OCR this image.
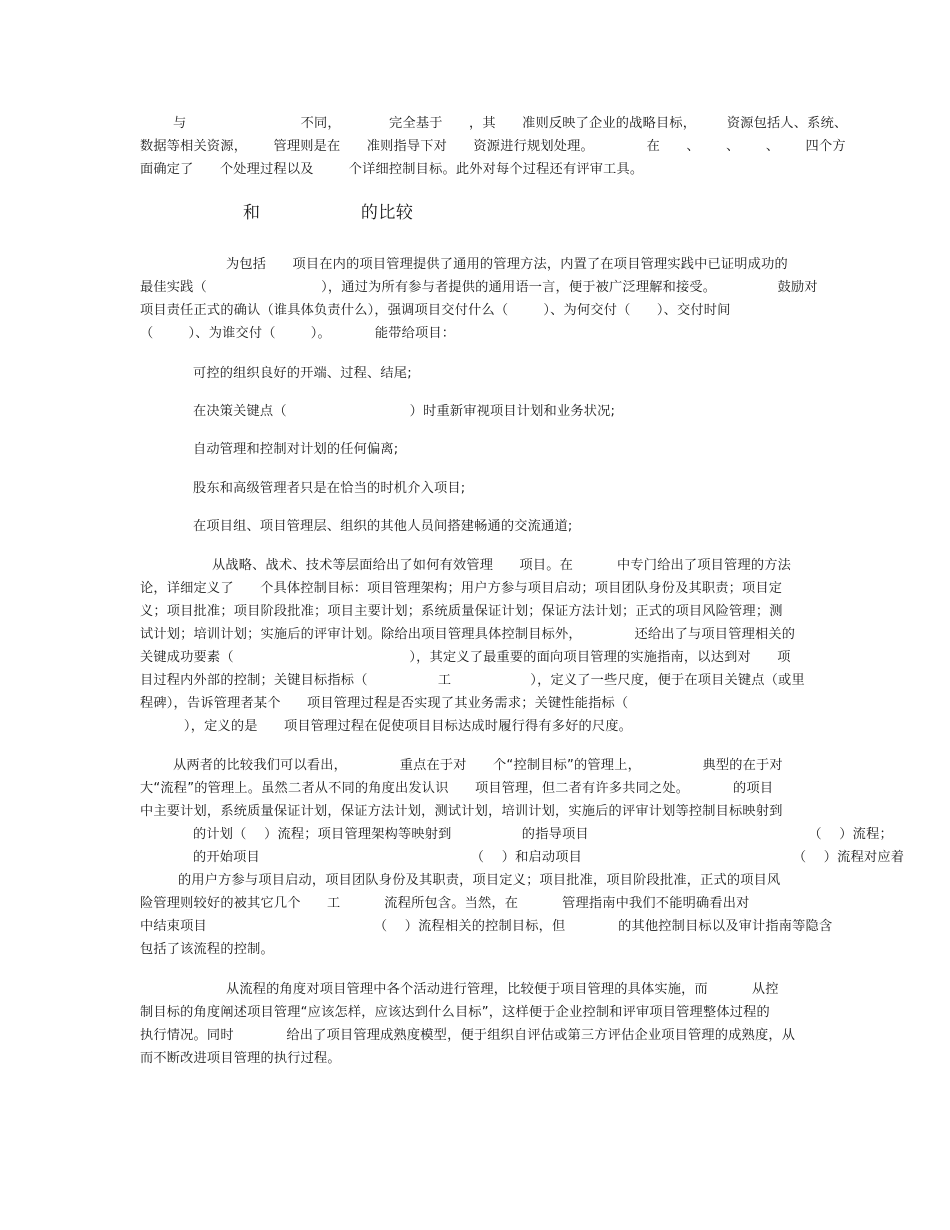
与                          不同，           完全基于      ，其      准则反映了企业的战略目标，       资源包括人、系统、
数据等相关资源，      管理则是在      准则指导下对      资源进行规划处理。            在      、      、      、      四个方
面确定了      个处理过程以及        个详细控制目标。此外对每个过程还有评审工具。
和                 的比较
为包括      项目在内的项目管理提供了通用的管理方法，内置了在项目管理实践中已证明成功的
最佳实践（                          ），通过为所有参与者提供的通用语一言，便于被广泛理解和接受。              鼓励对
项目责任正式的确认（谁具体负责什么），强调项目交付什么（        ）、为何交付（      ）、交付时间
（        ）、为谁交付（        ）。          能带给项目：
可控的组织良好的开端、过程、结尾;
在决策关键点（                            ）时重新审视项目计划和业务状况;
自动管理和控制对计划的任何偏离;
股东和高级管理者只是在恰当的时机介入项目;
在项目组、项目管理层、组织的其他人员间搭建畅通的交流通道;
从战略、战术、技术等层面给出了如何有效管理      项目。在          中专门给出了项目管理的方法
论，详细定义了      个具体控制目标：项目管理架构；用户方参与项目启动；项目团队身份及其职责；项目定
义；项目批准；项目阶段批准；项目主要计划；系统质量保证计划；保证方法计划；正式的项目风险管理；测
试计划；培训计划；实施后的评审计划。除给出项目管理具体控制目标外，            还给出了与项目管理相关的
关键成功要素（                                        ），其定义了最重要的面向项目管理的实施指南，以达到对      项
目过程内外部的控制；关键目标指标（                工                  ），定义了一些尺度，便于在项目关键点（或里
程碑），告诉管理者某个      项目管理过程是否实现了其业务需求；关键性能指标（
），定义的是      项目管理过程在促使项目目标达成时履行得有多好的尺度。
从两者的比较我们可以看出，            重点在于对      个“控制目标”的管理上，              典型的在于对
大“流程”的管理上。虽然二者从不同的角度出发认识      项目管理，但二者有许多共同之处。          的项目
中主要计划，系统质量保证计划，保证方法计划，测试计划，培训计划，实施后的评审计划等控制目标映射到
的计划（    ）流程；项目管理架构等映射到                的指导项目                                                  （    ）流程；
的开始项目                                                （    ）和启动项目                                                （    ）流程对应着
的用户方参与项目启动，项目团队身份及其职责，项目定义；项目批准，项目阶段批准，正式的项目风
险管理则较好的被其它几个      工          流程所包含。当然，在          管理指南中我们不能明确看出对
中结束项目                                      （    ）流程相关的控制目标，但            的其他控制目标以及审计指南等隐含
包括了该流程的控制。
从流程的角度对项目管理中各个活动进行管理，比较便于项目管理的具体实施，而          从控
制目标的角度阐述项目管理“应该怎样，应该达到什么目标”，这样便于企业控制和评审项目管理整体过程的
执行情况。同时            给出了项目管理成熟度模型，便于组织自评估或第三方评估企业项目管理的成熟度，从
而不断改进项目管理的执行过程。
